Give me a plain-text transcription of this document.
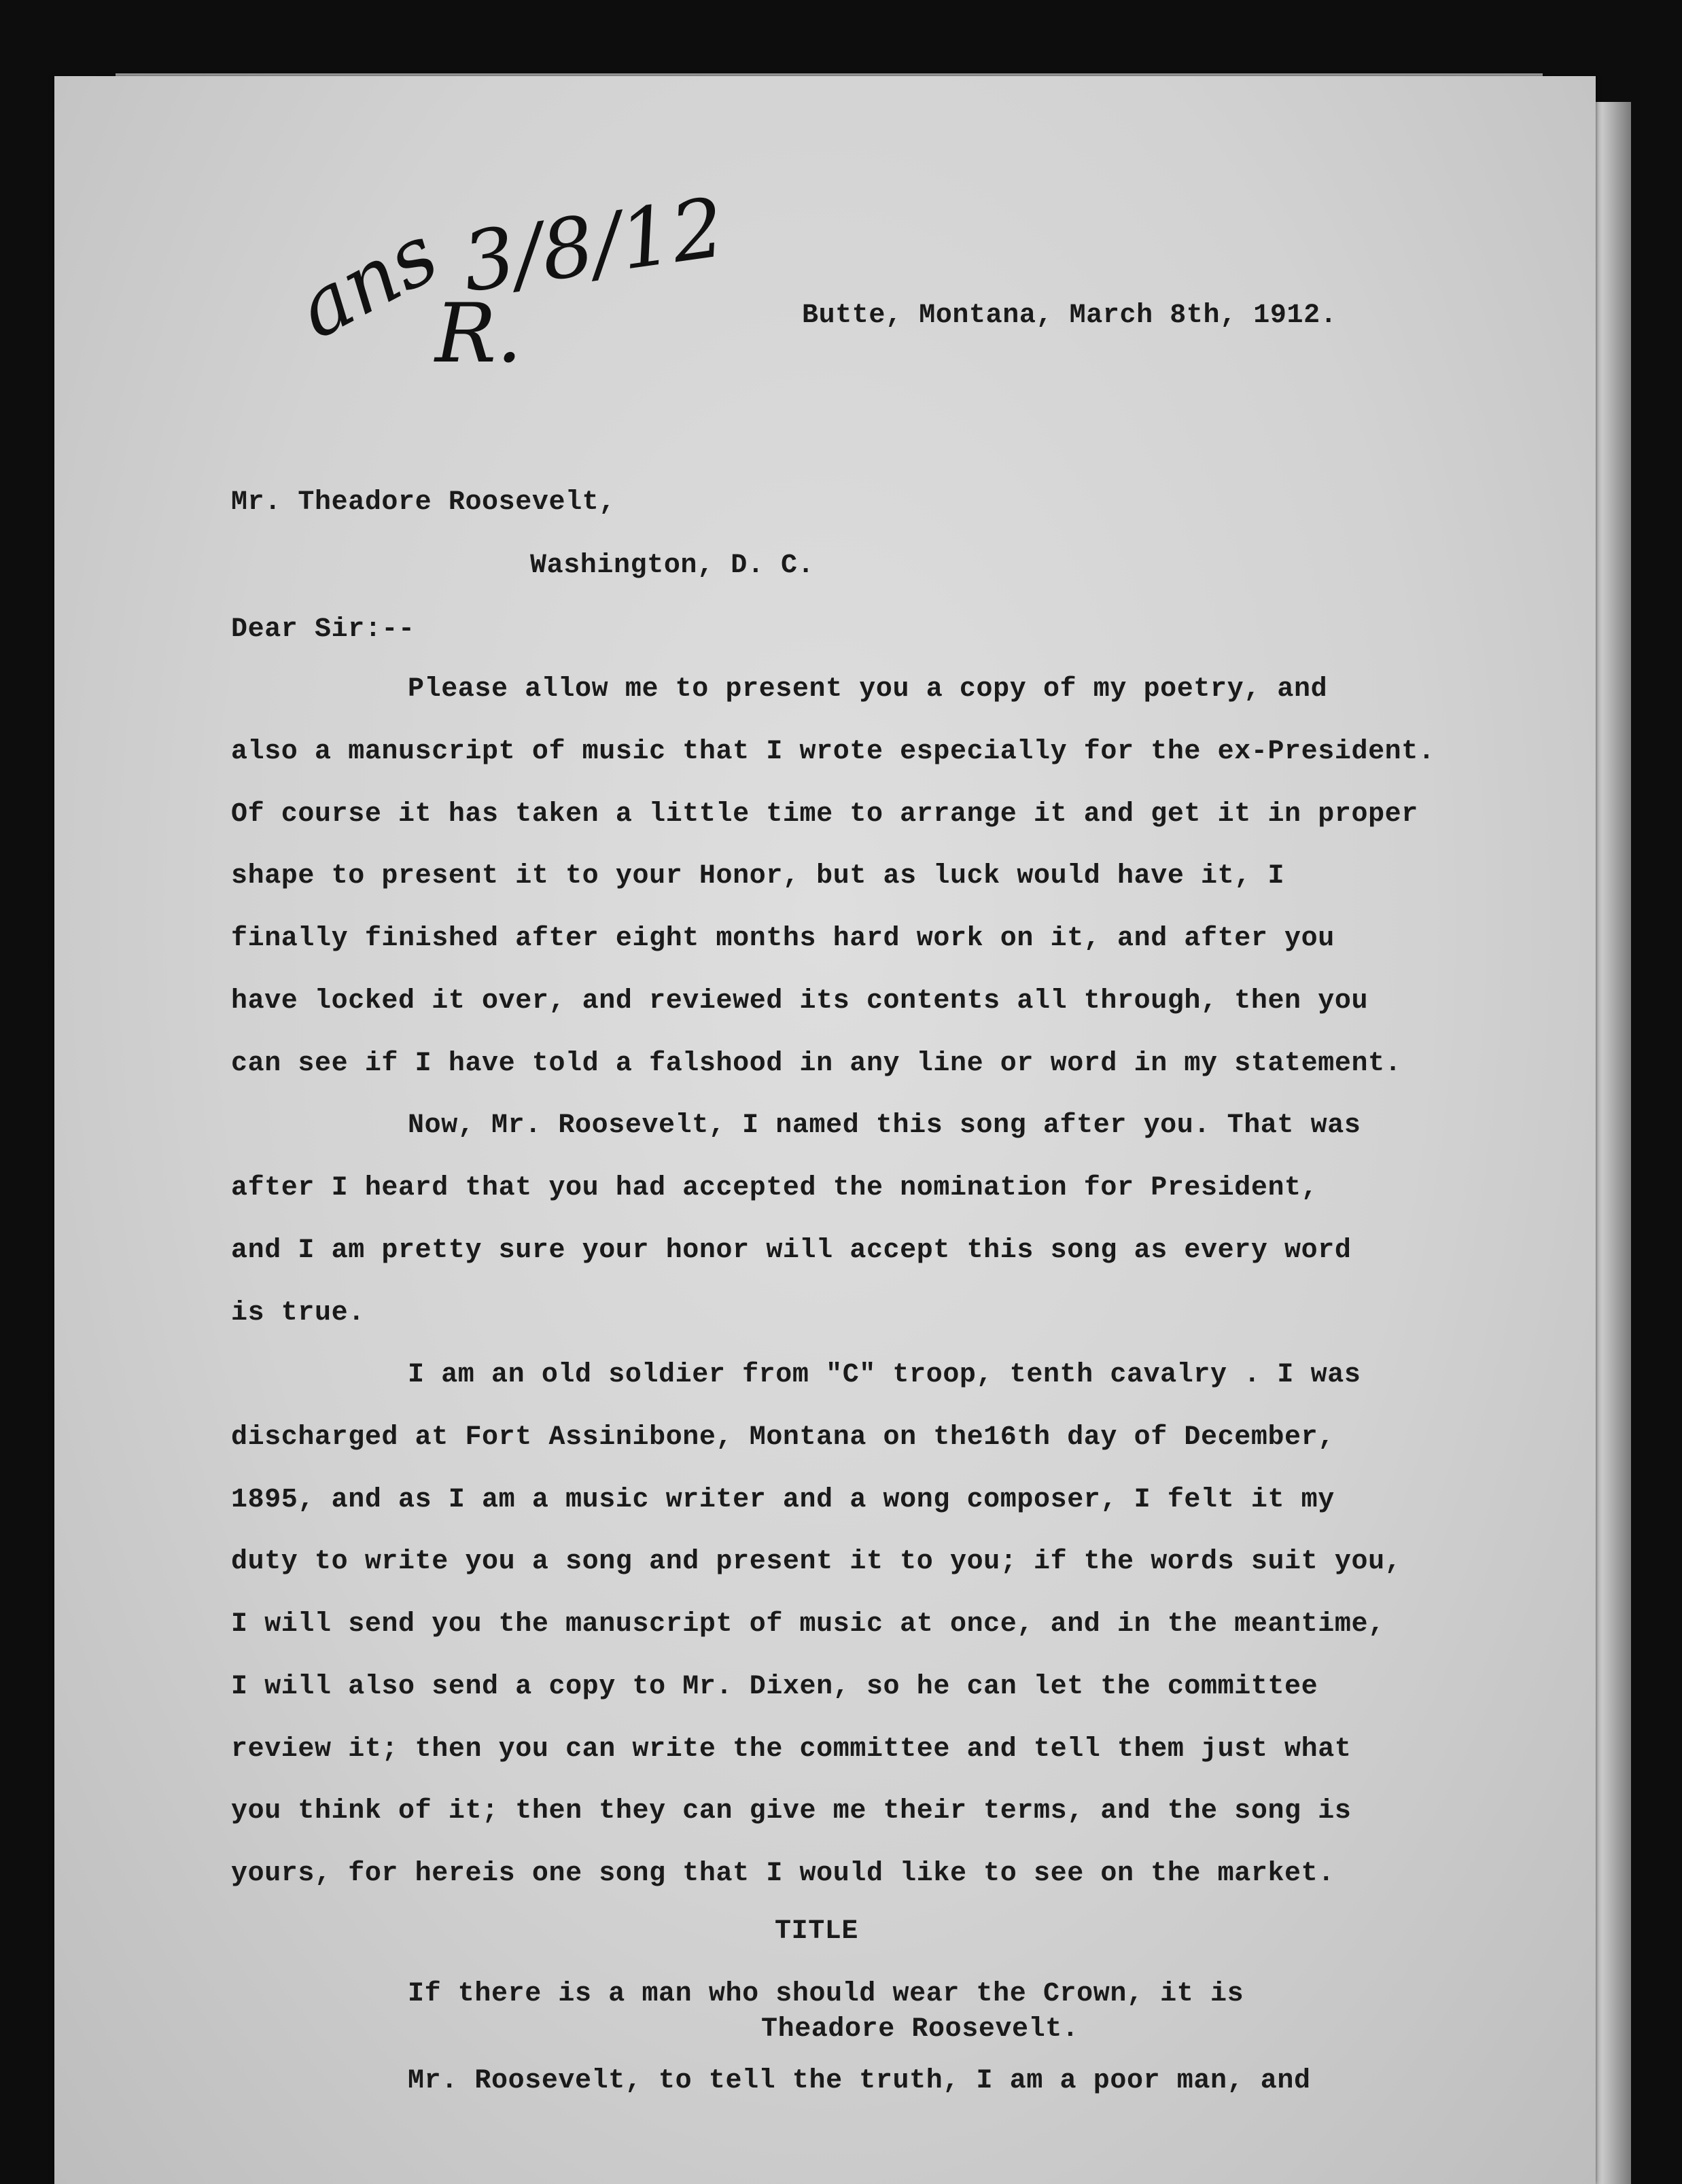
ans 3/8/12
R.	Butte, Montana, March 8th, 1912.
Mr. Theadore Roosevelt,
Washington, D. C.
Dear Sir:--
Please allow me to present you a copy of my poetry, and
also a manuscript of music that I wrote especially for the ex-President.
Of course it has taken a little time to arrange it and get it in proper
shape to present it to your Honor, but as luck would have it, I
finally finished after eight months hard work on it, and after you
have locked it over, and reviewed its contents all through, then you
can see if I have told a falshood in any line or word in my statement.
Now, Mr. Roosevelt, I named this song after you. That was
after I heard that you had accepted the nomination for President,
and I am pretty sure your honor will accept this song as every word
is true.
I am an old soldier from "C" troop, tenth cavalry . I was
discharged at Fort Assinibone, Montana on the16th day of December,
1895, and as I am a music writer and a wong composer, I felt it my
duty to write you a song and present it to you; if the words suit you,
I will send you the manuscript of music at once, and in the meantime,
I will also send a copy to Mr. Dixen, so he can let the committee
review it; then you can write the committee and tell them just what
you think of it; then they can give me their terms, and the song is
yours, for hereis one song that I would like to see on the market.
TITLE
If there is a man who should wear the Crown, it is
Theadore Roosevelt.
Mr. Roosevelt, to tell the truth, I am a poor man, and
